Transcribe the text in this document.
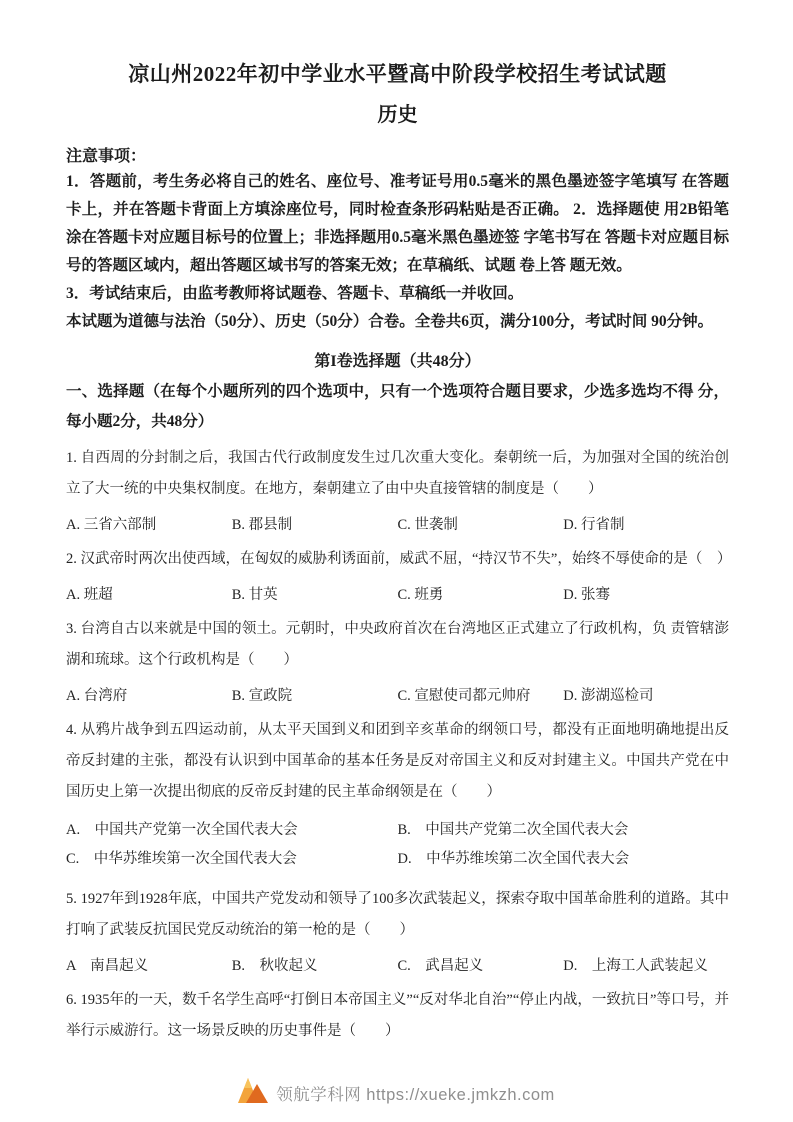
凉山州2022年初中学业水平暨高中阶段学校招生考试试题
历史

注意事项：

1．答题前，考生务必将自己的姓名、座位号、准考证号用0.5毫米的黑色墨迹签字笔填写 在答题卡上，并在答题卡背面上方填涂座位号，同时检查条形码粘贴是否正确。 2．选择题使 用2B铅笔涂在答题卡对应题目标号的位置上；非选择题用0.5毫米黑色墨迹签 字笔书写在 答题卡对应题目标号的答题区域内，超出答题区域书写的答案无效；在草稿纸、试题 卷上答 题无效。

3．考试结束后，由监考教师将试题卷、答题卡、草稿纸一并收回。

本试题为道德与法治（50分）、历史（50分）合卷。全卷共6页，满分100分，考试时间 90分钟。

第I卷选择题（共48分）

一、选择题（在每个小题所列的四个选项中，只有一个选项符合题目要求，少选多选均不得 分， 每小题2分，共48分）

1. 自西周的分封制之后，我国古代行政制度发生过几次重大变化。秦朝统一后，为加强对全国的统治创立了大一统的中央集权制度。在地方，秦朝建立了由中央直接管辖的制度是（　　）

A. 三省六部制	B. 郡县制	C. 世袭制	D. 行省制

2. 汉武帝时两次出使西域，在匈奴的威胁利诱面前，威武不屈，“持汉节不失”，始终不辱使命的是（　）

A. 班超	B. 甘英	C. 班勇	D. 张骞

3. 台湾自古以来就是中国的领土。元朝时，中央政府首次在台湾地区正式建立了行政机构，负 责管辖澎湖和琉球。这个行政机构是（　　）

A. 台湾府	B. 宣政院	C. 宣慰使司都元帅府	D. 澎湖巡检司

4. 从鸦片战争到五四运动前，从太平天国到义和团到辛亥革命的纲领口号，都没有正面地明确地提出反帝反封建的主张，都没有认识到中国革命的基本任务是反对帝国主义和反对封建主义。中国共产党在中国历史上第一次提出彻底的反帝反封建的民主革命纲领是在（　　）

A.　中国共产党第一次全国代表大会	B.　中国共产党第二次全国代表大会
C.　中华苏维埃第一次全国代表大会	D.　中华苏维埃第二次全国代表大会

5. 1927年到1928年底，中国共产党发动和领导了100多次武装起义，探索夺取中国革命胜利的道路。其中打响了武装反抗国民党反动统治的第一枪的是（　　）

A　南昌起义	B.　秋收起义	C.　武昌起义	D.　上海工人武装起义

6. 1935年的一天，数千名学生高呼“打倒日本帝国主义”“反对华北自治”“停止内战，一致抗日”等口号，并举行示威游行。这一场景反映的历史事件是（　　）

领航学科网 https://xueke.jmkzh.com
